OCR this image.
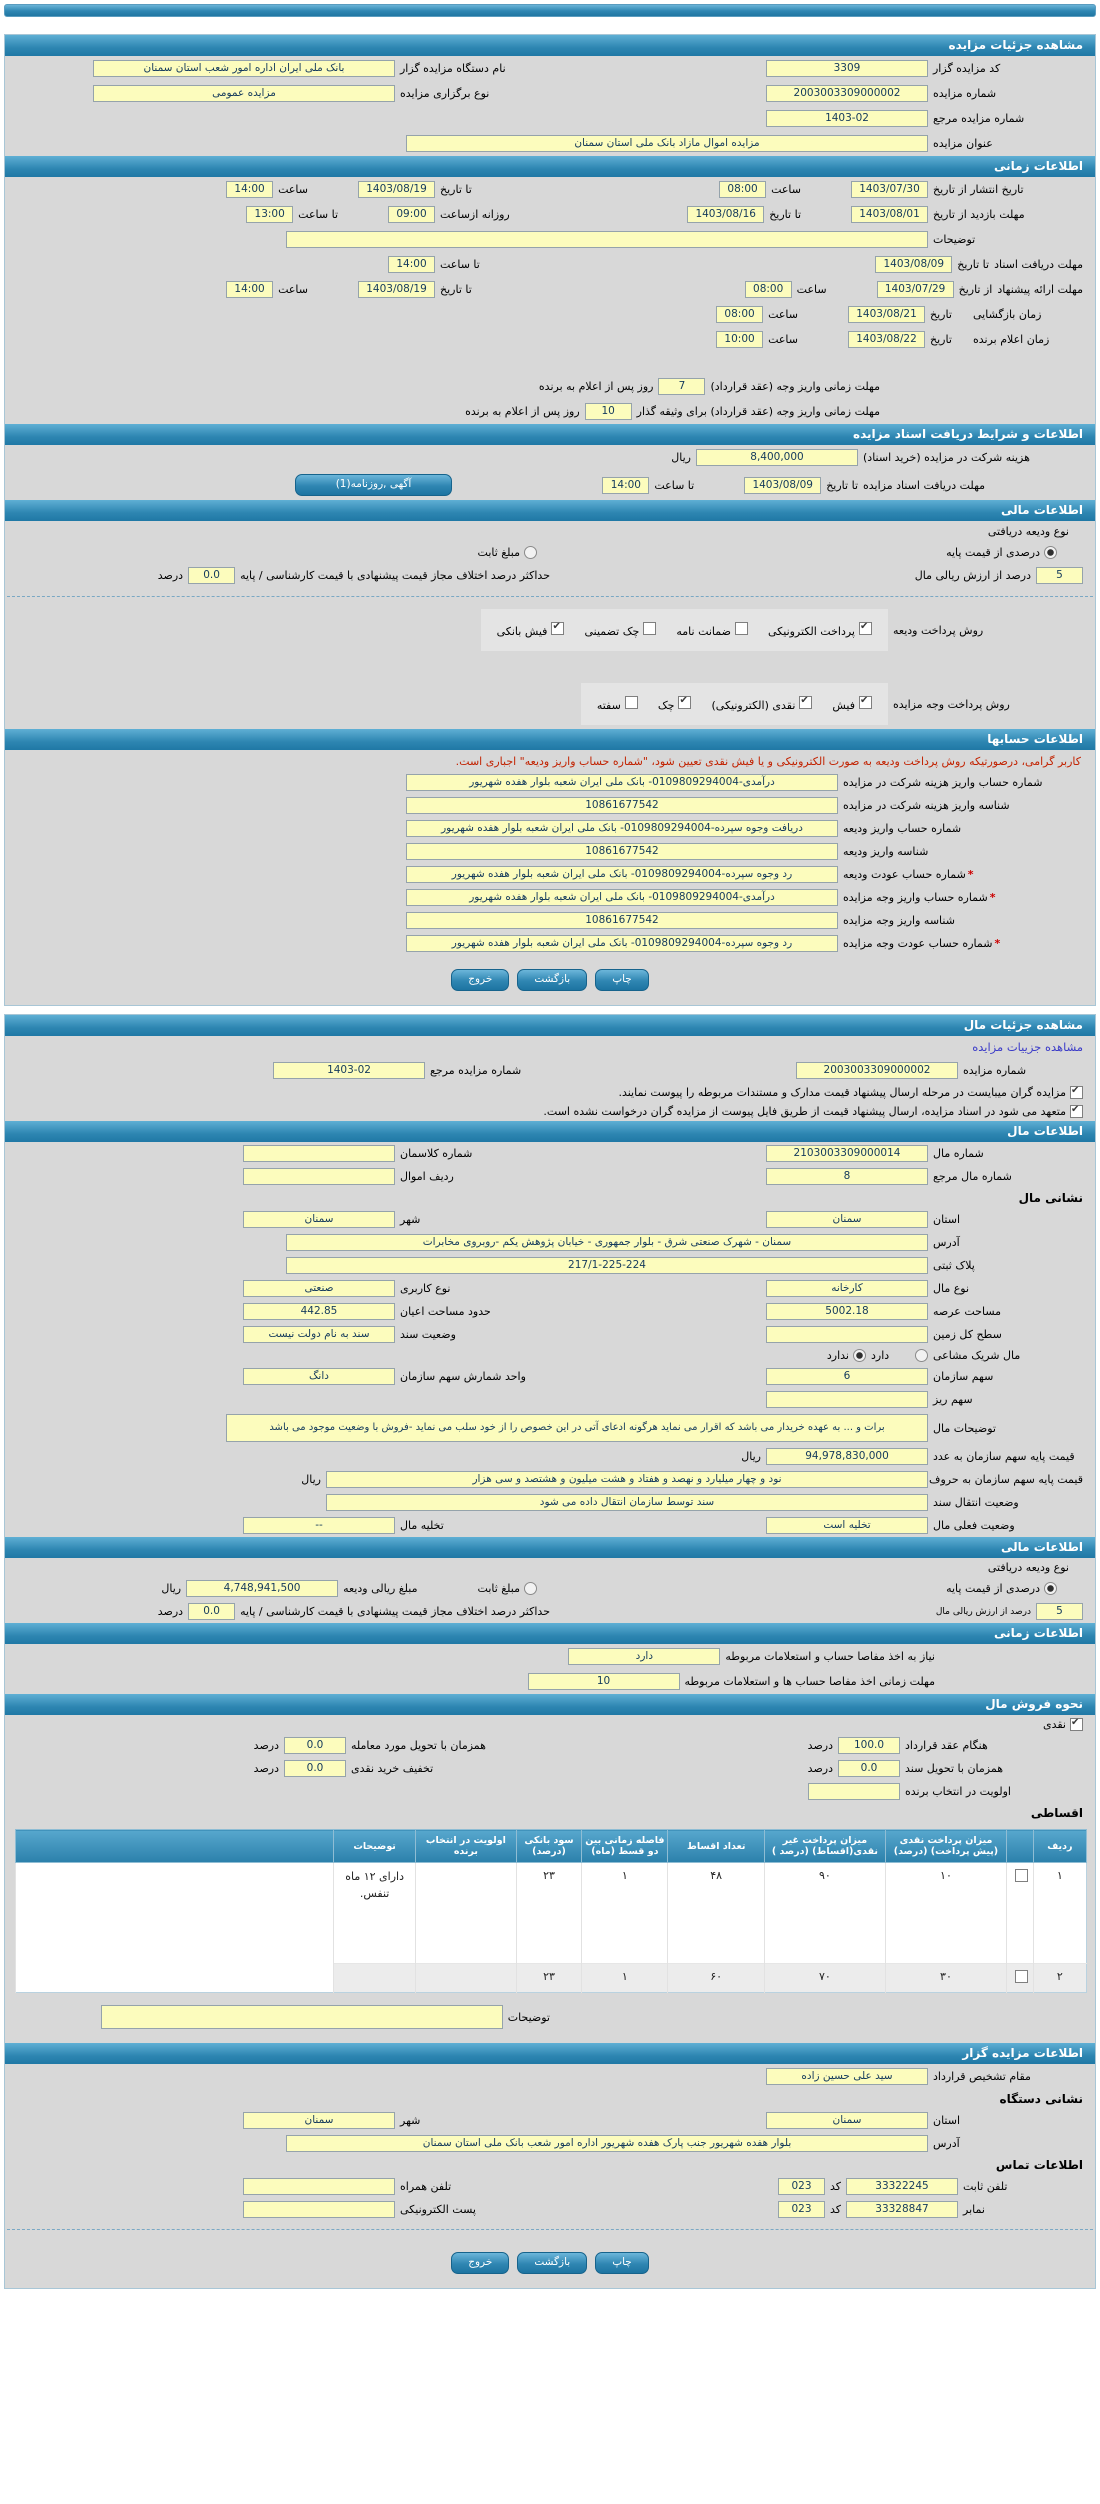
مشاهده جزئیات مزایده
کد مزایده گزار
3309
نام دستگاه مزایده گزار
بانک ملی ایران اداره امور شعب استان سمنان
شماره مزایده
2003003309000002
نوع برگزاری مزایده
مزایده عمومی
شماره مزایده مرجع
1403-02
عنوان مزایده
مزایده اموال مازاد بانک ملی استان سمنان
اطلاعات زمانی
تاریخ انتشار از تاریخ
1403/07/30
ساعت
08:00
تا تاریخ
1403/08/19
ساعت
14:00
مهلت بازدید از تاریخ
1403/08/01
تا تاریخ
1403/08/16
روزانه ازساعت
09:00
تا ساعت
13:00
توضیحات
مهلت دریافت اسناد
تا تاریخ
1403/08/09
تا ساعت
14:00
مهلت ارائه پیشنهاد
از تاریخ
1403/07/29
ساعت
08:00
تا تاریخ
1403/08/19
ساعت
14:00
زمان بازگشایی
تاریخ
1403/08/21
ساعت
08:00
زمان اعلام برنده
تاریخ
1403/08/22
ساعت
10:00
مهلت زمانی واریز وجه (عقد قرارداد)
7
روز پس از اعلام به برنده
مهلت زمانی واریز وجه (عقد قرارداد) برای وثیقه گذار
10
روز پس از اعلام به برنده
اطلاعات و شرایط دریافت اسناد مزایده
هزینه شرکت در مزایده (خرید اسناد)
8,400,000
ریال
مهلت دریافت اسناد مزایده
تا تاریخ
1403/08/09
تا ساعت
14:00
آگهی ,روزنامه(1)
اطلاعات مالی
نوع ودیعه دریافتی
درصدی از قیمت پایه
مبلغ ثابت
5
درصد از ارزش ریالی مال
حداکثر درصد اختلاف مجاز قیمت پیشنهادی با قیمت کارشناسی / پایه
0.0
درصد
روش پرداخت ودیعه
✔پرداخت الکترونیکی
ضمانت نامه
چک تضمینی
✔فیش بانکی
روش پرداخت وجه مزایده
✔فیش
✔نقدی (الکترونیکی)
✔چک
سفته
اطلاعات حسابها
کاربر گرامی، درصورتیکه روش پرداخت ودیعه به صورت الکترونیکی و یا فیش نقدی تعیین شود، "شماره حساب واریز ودیعه" اجباری است.
شماره حساب واریز هزینه شرکت در مزایده
درآمدی-0109809294004- بانک ملی ایران شعبه بلوار هفده شهریور
شناسه واریز هزینه شرکت در مزایده
10861677542
شماره حساب واریز ودیعه
دریافت وجوه سپرده-0109809294004- بانک ملی ایران شعبه بلوار هفده شهریور
شناسه واریز ودیعه
10861677542
*شماره حساب عودت ودیعه
رد وجوه سپرده-0109809294004- بانک ملی ایران شعبه بلوار هفده شهریور
*شماره حساب واریز وجه مزایده
درآمدی-0109809294004- بانک ملی ایران شعبه بلوار هفده شهریور
شناسه واریز وجه مزایده
10861677542
*شماره حساب عودت وجه مزایده
رد وجوه سپرده-0109809294004- بانک ملی ایران شعبه بلوار هفده شهریور
خروج	بازگشت	چاپ
مشاهده جزئیات مال
مشاهده جزییات مزایده
شماره مزایده
2003003309000002
شماره مزایده مرجع
1403-02
✔
مزایده گران میبایست در مرحله ارسال پیشنهاد قیمت مدارک و مستندات مربوطه را پیوست نمایند.
✔
متعهد می شود در اسناد مزایده، ارسال پیشنهاد قیمت از طریق فایل پیوست از مزایده گران درخواست نشده است.
اطلاعات مال
شماره مال
2103003309000014
شماره کلاسمان
شماره مال مرجع
8
ردیف اموال
نشانی مال
استان
سمنان
شهر
سمنان
آدرس
سمنان - شهرک صنعتی شرق - بلوار جمهوری - خیابان پژوهش یکم -روبروی مخابرات
پلاک ثبتی
217/1-225-224
نوع مال
کارخانه
نوع کاربری
صنعتی
مساحت عرصه
5002.18
حدود مساحت اعیان
442.85
سطح کل زمین
وضعیت سند
سند به نام دولت نیست
مال شریک مشاعی
دارد
ندارد
سهم سازمان
6
واحد شمارش سهم سازمان
دانگ
سهم ریز
توضیحات مال
برات و ... به عهده خریدار می باشد که اقرار می نماید هرگونه ادعای آتی در این خصوص را از خود سلب می نماید -فروش با وضعیت موجود می باشد
قیمت پایه سهم سازمان به عدد
94,978,830,000
ریال
قیمت پایه سهم سازمان به حروف
نود و چهار میلیارد و نهصد و هفتاد و هشت میلیون و هشتصد و سی هزار
ریال
وضعیت انتقال سند
سند توسط سازمان انتقال داده می شود
وضعیت فعلی مال
تخلیه است
تخلیه مال
--
اطلاعات مالی
نوع ودیعه دریافتی
درصدی از قیمت پایه
مبلغ ثابت
مبلغ ریالی ودیعه
4,748,941,500
ریال
5
درصد از ارزش ریالی مال
حداکثر درصد اختلاف مجاز قیمت پیشنهادی با قیمت کارشناسی / پایه
0.0
درصد
اطلاعات زمانی
نیاز به اخذ مفاصا حساب و استعلامات مربوطه
دارد
مهلت زمانی اخذ مفاصا حساب ها و استعلامات مربوطه
10
نحوه فروش مال
✔
نقدی
هنگام عقد قرارداد
100.0
درصد
همزمان با تحویل مورد معامله
0.0
درصد
همزمان با تحویل سند
0.0
درصد
تخفیف خرید نقدی
0.0
درصد
اولویت در انتخاب برنده
اقساطی
ردیف		میزان پرداخت نقدی (پیش پرداخت) (درصد)	میزان پرداخت غیر نقدی(اقساط) (درصد )	تعداد اقساط	فاصله زمانی بین دو قسط (ماه)	سود بانکی (درصد)	اولویت در انتخاب برنده	توضیحات	
۱		۱۰	۹۰	۴۸	۱	۲۳		دارای ۱۲ ماه تنفس.	
۲		۳۰	۷۰	۶۰	۱	۲۳			
توضیحات
اطلاعات مزایده گزار
مقام تشخیص قرارداد
سید علی حسین زاده
نشانی دستگاه
استان
سمنان
شهر
سمنان
آدرس
بلوار هفده شهریور جنب پارک هفده شهریور اداره امور شعب بانک ملی استان سمنان
اطلاعات تماس
تلفن ثابت
33322245
کد
023
تلفن همراه
نمابر
33328847
کد
023
پست الکترونیکی
خروج	بازگشت	چاپ
